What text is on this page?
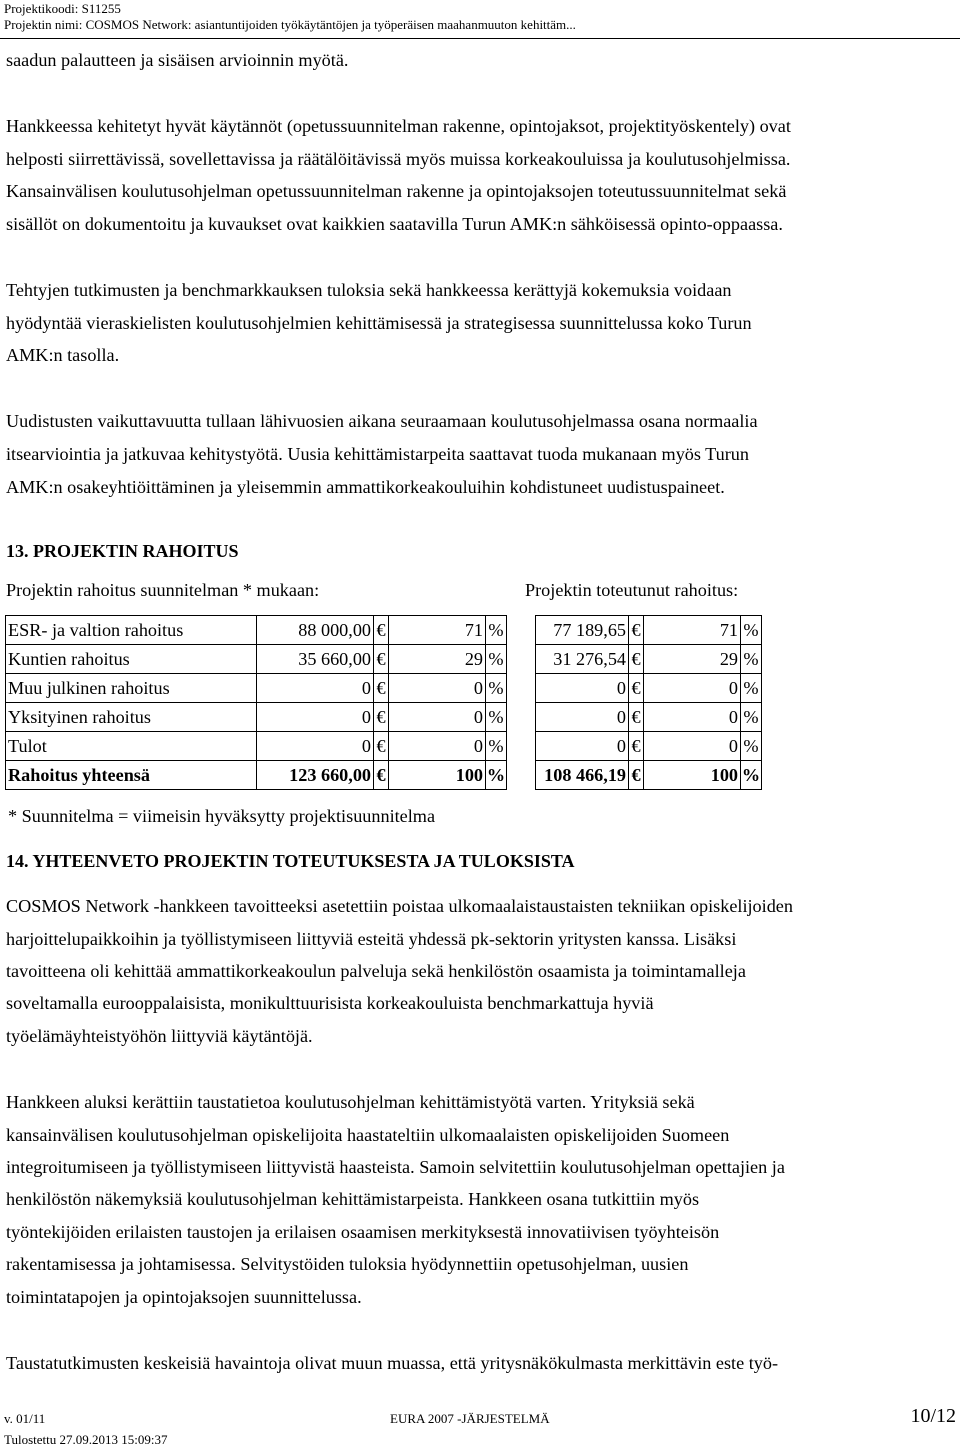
Projektikoodi: S11255
Projektin nimi: COSMOS Network: asiantuntijoiden työkäytäntöjen ja työperäisen maahanmuuton kehittäm...
saadun palautteen ja sisäisen arvioinnin myötä.
Hankkeessa kehitetyt hyvät käytännöt (opetussuunnitelman rakenne, opintojaksot, projektityöskentely) ovat
helposti siirrettävissä, sovellettavissa ja räätälöitävissä myös muissa korkeakouluissa ja koulutusohjelmissa.
Kansainvälisen koulutusohjelman opetussuunnitelman rakenne ja opintojaksojen toteutussuunnitelmat sekä
sisällöt on dokumentoitu ja kuvaukset ovat kaikkien saatavilla Turun AMK:n sähköisessä opinto-oppaassa.
Tehtyjen tutkimusten ja benchmarkkauksen tuloksia sekä hankkeessa kerättyjä kokemuksia voidaan
hyödyntää vieraskielisten koulutusohjelmien kehittämisessä ja strategisessa suunnittelussa koko Turun
AMK:n tasolla.
Uudistusten vaikuttavuutta tullaan lähivuosien aikana seuraamaan koulutusohjelmassa osana normaalia
itsearviointia ja jatkuvaa kehitystyötä. Uusia kehittämistarpeita saattavat tuoda mukanaan myös Turun
AMK:n osakeyhtiöittäminen ja yleisemmin ammattikorkeakouluihin kohdistuneet uudistuspaineet.
13. PROJEKTIN RAHOITUS
Projektin rahoitus suunnitelman * mukaan:	Projektin toteutunut rahoitus:
ESR- ja valtion rahoitus	88 000,00	€	71	%		77 189,65	€	71	%
Kuntien rahoitus	35 660,00	€	29	%		31 276,54	€	29	%
Muu julkinen rahoitus	0	€	0	%		0	€	0	%
Yksityinen rahoitus	0	€	0	%		0	€	0	%
Tulot	0	€	0	%		0	€	0	%
Rahoitus yhteensä	123 660,00	€	100	%		108 466,19	€	100	%
* Suunnitelma = viimeisin hyväksytty projektisuunnitelma
14. YHTEENVETO PROJEKTIN TOTEUTUKSESTA JA TULOKSISTA
COSMOS Network -hankkeen tavoitteeksi asetettiin poistaa ulkomaalaistaustaisten tekniikan opiskelijoiden
harjoittelupaikkoihin ja työllistymiseen liittyviä esteitä yhdessä pk-sektorin yritysten kanssa. Lisäksi
tavoitteena oli kehittää ammattikorkeakoulun palveluja sekä henkilöstön osaamista ja toimintamalleja
soveltamalla eurooppalaisista, monikulttuurisista korkeakouluista benchmarkattuja hyviä
työelämäyhteistyöhön liittyviä käytäntöjä.
Hankkeen aluksi kerättiin taustatietoa koulutusohjelman kehittämistyötä varten. Yrityksiä sekä
kansainvälisen koulutusohjelman opiskelijoita haastateltiin ulkomaalaisten opiskelijoiden Suomeen
integroitumiseen ja työllistymiseen liittyvistä haasteista. Samoin selvitettiin koulutusohjelman opettajien ja
henkilöstön näkemyksiä koulutusohjelman kehittämistarpeista. Hankkeen osana tutkittiin myös
työntekijöiden erilaisten taustojen ja erilaisen osaamisen merkityksestä innovatiivisen työyhteisön
rakentamisessa ja johtamisessa. Selvitystöiden tuloksia hyödynnettiin opetusohjelman, uusien
toimintatapojen ja opintojaksojen suunnittelussa.
Taustatutkimusten keskeisiä havaintoja olivat muun muassa, että yritysnäkökulmasta merkittävin este työ-
v. 01/11	EURA 2007 -JÄRJESTELMÄ	10/12
Tulostettu 27.09.2013 15:09:37
